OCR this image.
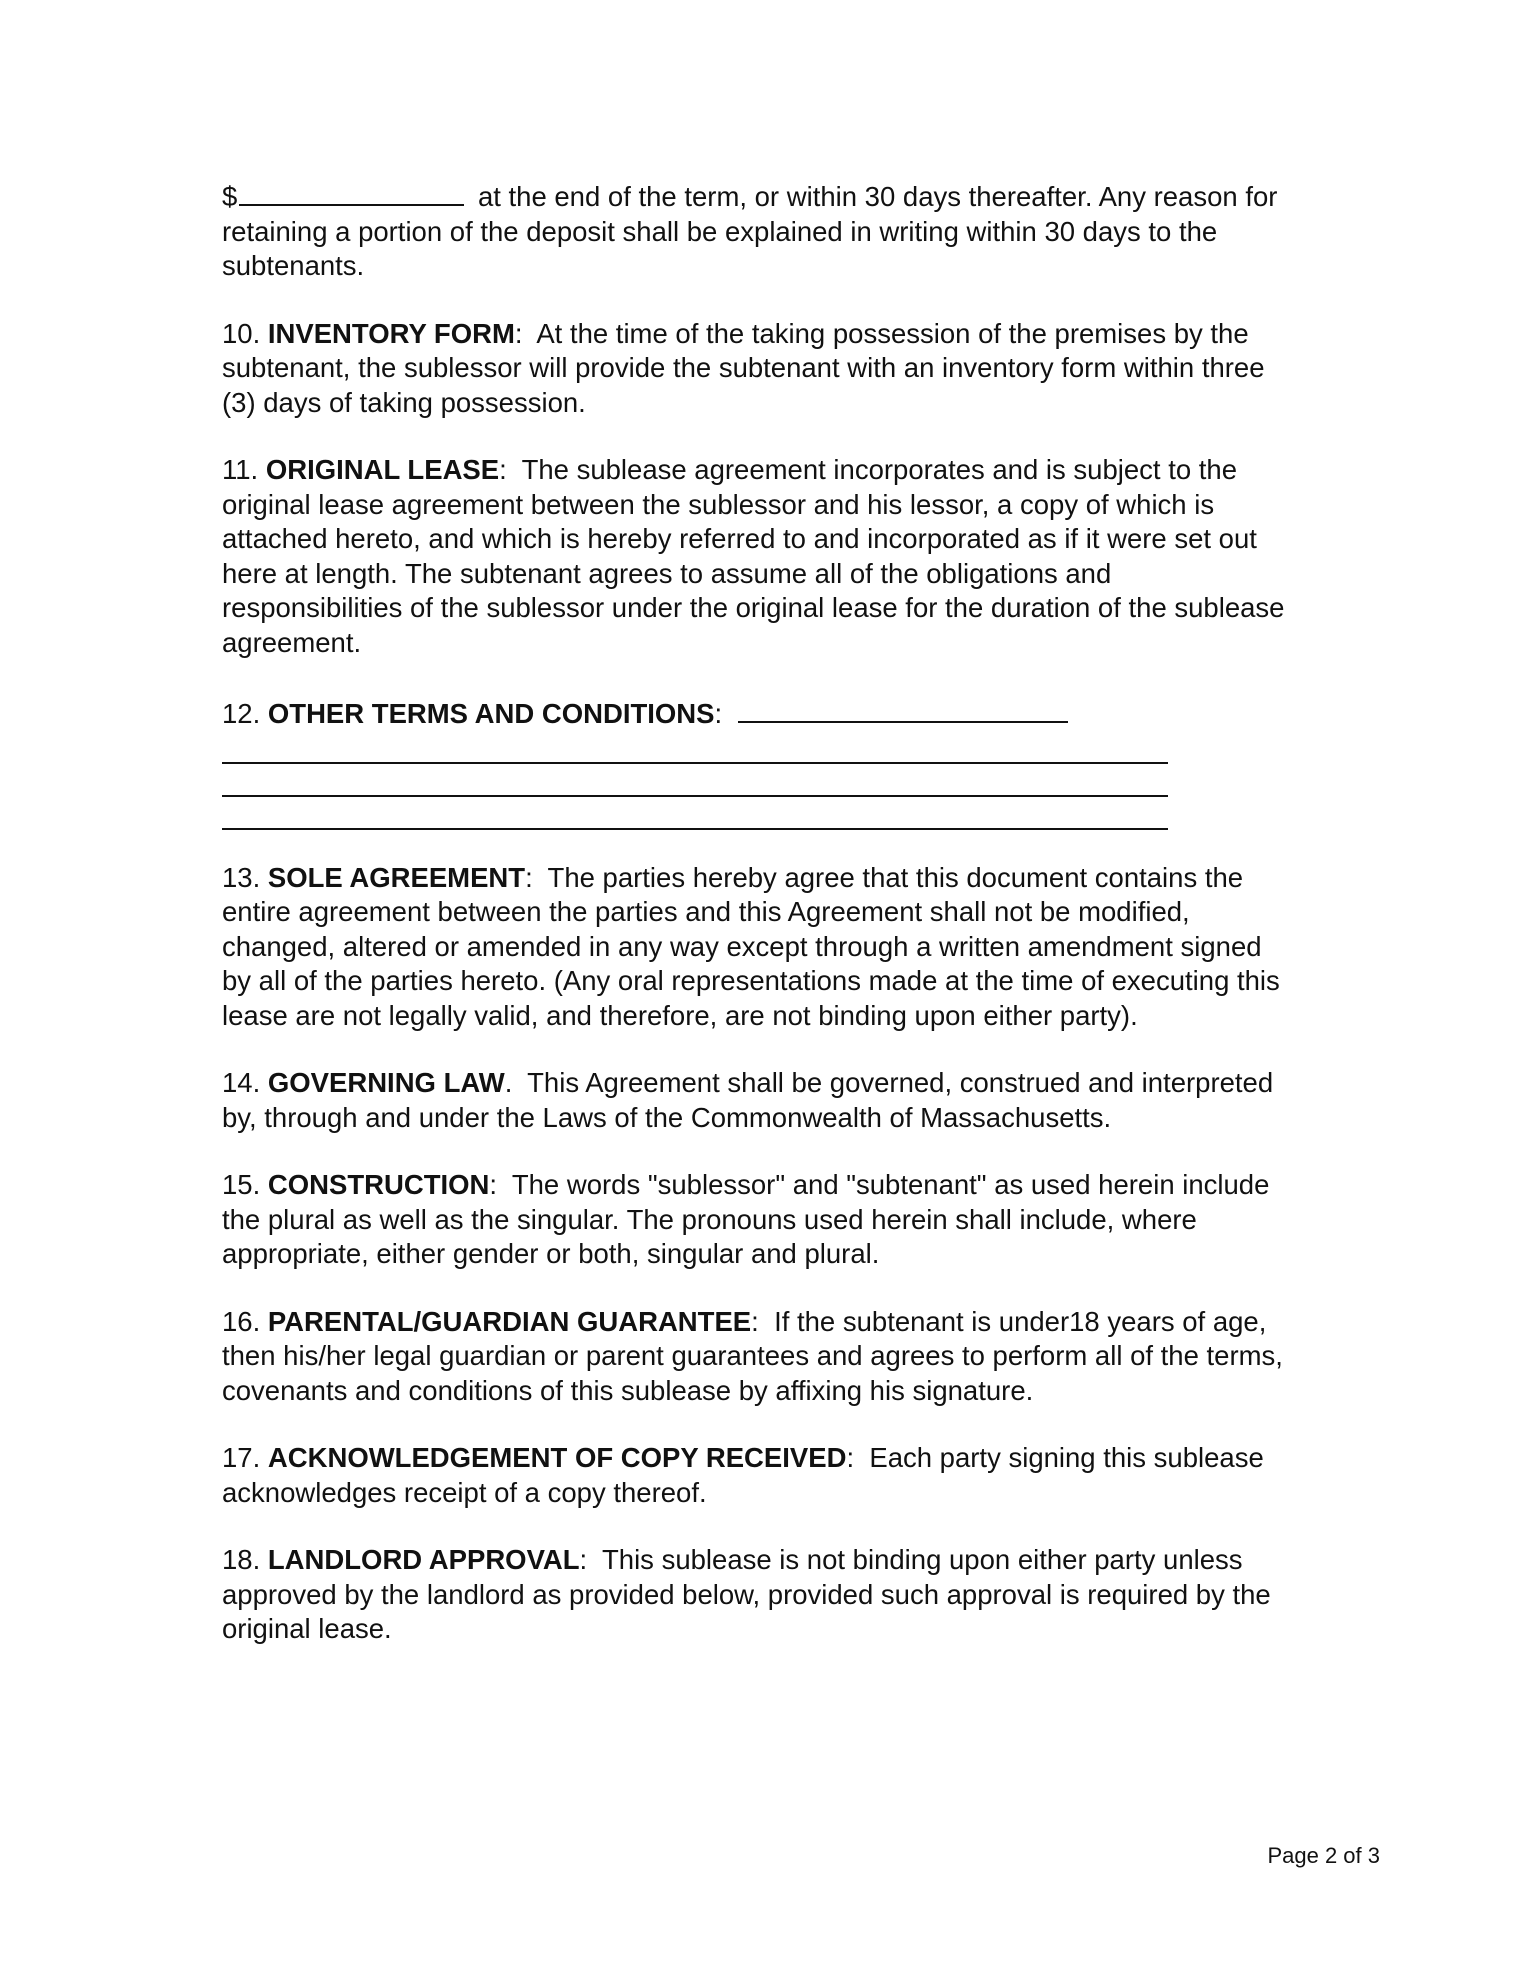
$	at the end of the term, or within 30 days thereafter. Any reason for retaining a portion of the deposit shall be explained in writing within 30 days to the subtenants.

10. INVENTORY FORM: At the time of the taking possession of the premises by the subtenant, the sublessor will provide the subtenant with an inventory form within three (3) days of taking possession.

11. ORIGINAL LEASE: The sublease agreement incorporates and is subject to the original lease agreement between the sublessor and his lessor, a copy of which is attached hereto, and which is hereby referred to and incorporated as if it were set out here at length. The subtenant agrees to assume all of the obligations and responsibilities of the sublessor under the original lease for the duration of the sublease agreement.

12. OTHER TERMS AND CONDITIONS:

13. SOLE AGREEMENT: The parties hereby agree that this document contains the entire agreement between the parties and this Agreement shall not be modified, changed, altered or amended in any way except through a written amendment signed by all of the parties hereto. (Any oral representations made at the time of executing this lease are not legally valid, and therefore, are not binding upon either party).

14. GOVERNING LAW. This Agreement shall be governed, construed and interpreted by, through and under the Laws of the Commonwealth of Massachusetts.

15. CONSTRUCTION: The words "sublessor" and "subtenant" as used herein include the plural as well as the singular. The pronouns used herein shall include, where appropriate, either gender or both, singular and plural.

16. PARENTAL/GUARDIAN GUARANTEE: If the subtenant is under18 years of age, then his/her legal guardian or parent guarantees and agrees to perform all of the terms, covenants and conditions of this sublease by affixing his signature.

17. ACKNOWLEDGEMENT OF COPY RECEIVED: Each party signing this sublease acknowledges receipt of a copy thereof.

18. LANDLORD APPROVAL: This sublease is not binding upon either party unless approved by the landlord as provided below, provided such approval is required by the original lease.

Page 2 of 3
